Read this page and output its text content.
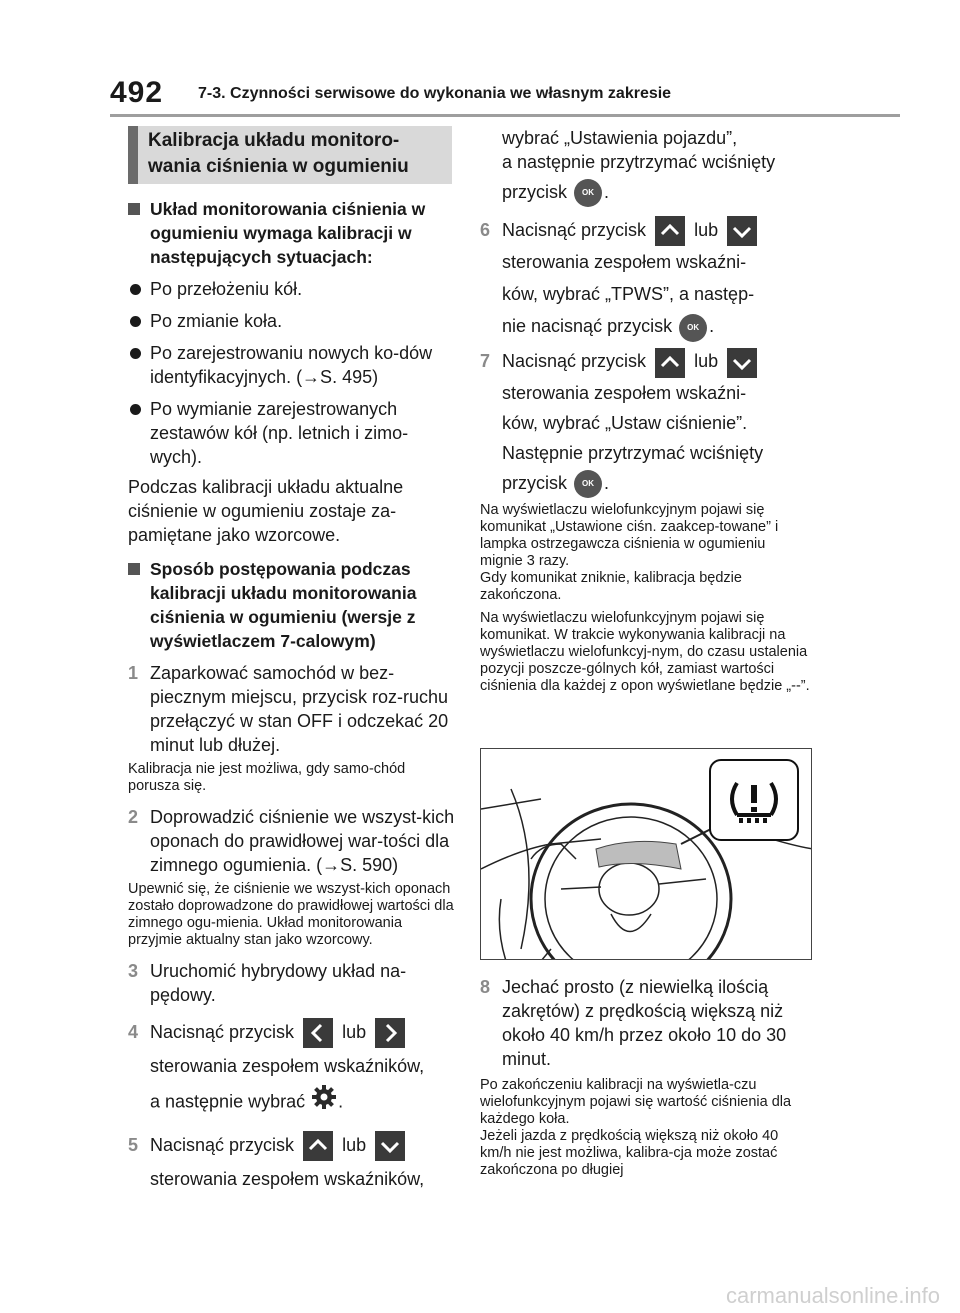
492 7-3. Czynności serwisowe do wykonania we własnym zakresie
Kalibracja układu monitoro-
wania ciśnienia w ogumieniu
Układ monitorowania ciśnienia w ogumieniu wymaga kalibracji w następujących sytuacjach:
Po przełożeniu kół.
Po zmianie koła.
Po zarejestrowaniu nowych ko-dów identyfikacyjnych. (→S. 495)
Po wymianie zarejestrowanych zestawów kół (np. letnich i zimo-wych).
Podczas kalibracji układu aktualne ciśnienie w ogumieniu zostaje za-pamiętane jako wzorcowe.
Sposób postępowania podczas kalibracji układu monitorowania ciśnienia w ogumieniu (wersje z wyświetlaczem 7-calowym)
1 Zaparkować samochód w bez-piecznym miejscu, przycisk roz-ruchu przełączyć w stan OFF i odczekać 20 minut lub dłużej.
Kalibracja nie jest możliwa, gdy samo-chód porusza się.
2 Doprowadzić ciśnienie we wszyst-kich oponach do prawidłowej war-tości dla zimnego ogumienia. (→S. 590)
Upewnić się, że ciśnienie we wszyst-kich oponach zostało doprowadzone do prawidłowej wartości dla zimnego ogu-mienia. Układ monitorowania przyjmie aktualny stan jako wzorcowy.
3 Uruchomić hybrydowy układ na-pędowy.
4 Nacisnąć przycisk	lub

sterowania zespołem wskaźników,
a następnie wybrać .
5 Nacisnąć przycisk	lub

sterowania zespołem wskaźników,
wybrać „Ustawienia pojazdu”,
a następnie przytrzymać wciśnięty
przycisk OK .
6 Nacisnąć przycisk	lub

sterowania zespołem wskaźni-
ków, wybrać „TPWS”, a następ-
nie nacisnąć przycisk OK .
7 Nacisnąć przycisk	lub

sterowania zespołem wskaźni-
ków, wybrać „Ustaw ciśnienie”.
Następnie przytrzymać wciśnięty
przycisk OK .
Na wyświetlaczu wielofunkcyjnym pojawi się komunikat „Ustawione ciśn. zaakcep-towane” i lampka ostrzegawcza ciśnienia w ogumieniu mignie 3 razy.
Gdy komunikat zniknie, kalibracja będzie zakończona.
Na wyświetlaczu wielofunkcyjnym pojawi się komunikat. W trakcie wykonywania kalibracji na wyświetlaczu wielofunkcyj-nym, do czasu ustalenia pozycji poszcze-gólnych kół, zamiast wartości ciśnienia dla każdej z opon wyświetlane będzie „--”.
8 Jechać prosto (z niewielką ilością zakrętów) z prędkością większą niż około 40 km/h przez około 10 do 30 minut.
Po zakończeniu kalibracji na wyświetla-czu wielofunkcyjnym pojawi się wartość ciśnienia dla każdego koła.
Jeżeli jazda z prędkością większą niż około 40 km/h nie jest możliwa, kalibra-cja może zostać zakończona po długiej
carmanualsonline.info
